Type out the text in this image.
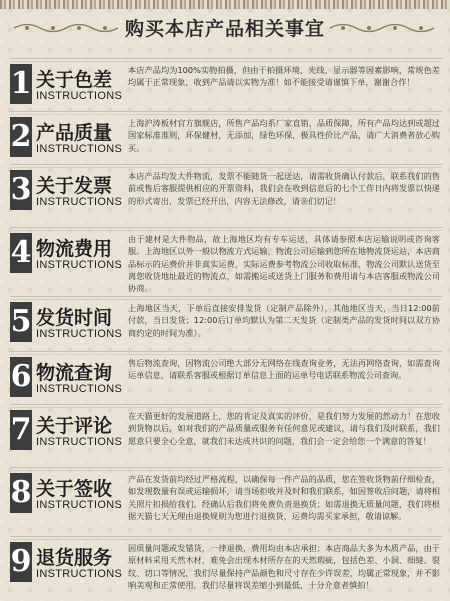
购买本店产品相关事宜
1 关于色差
INSTRUCTIONS
本店产品均为100%实物拍摄，但由于拍摄环境、光线、显示器等因素影响，常规色差均属于正常现象，收到产品请以实物为准！如不能接受请谨慎下单，谢谢合作！
2 产品质量
INSTRUCTIONS
上海沪涛板材官方旗舰店，所售产品均系厂家直销、品质保障，所有产品均达到或超过国家标准准则，环保健材，无添加，绿色环保，极具性价比产品，请广大消费者放心购买。
3 关于发票
INSTRUCTIONS
本店产品均发大件物流，发票不能随货一起送达，请需收货确认付款后，联系我们的售前或售后客服提供相应的开票资料，我们会在收到信息后的七个工作日内将发票以快递的形式寄出，发票已经开出，内容无法修改，请亲们切记！
4 物流费用
INSTRUCTIONS
由于建材是大件物品，故上海地区均有专车运送，具体请参照本店运输说明或咨询客服。上海地区以外一般以物流方式运输，物流公司运输到您所在地物流货运站，本店商品标示的运费价并非真实运费，实际运费参考物流公司收取标准，物流公司默认送货至离您收货地址最近的物流点，如需搬运或送货上门服务和费用请与本店客服或物流公司协商。
5 发货时间
INSTRUCTIONS
上海地区当天，下单后直接安排发货（定制产品除外），其他地区当天，当日12:00前付款，当日发货；12:00后订单均默认为第二天发货（定制类产品的发货时间以双方协商约定的时间为准）。
6 物流查询
INSTRUCTIONS
售后物流查询，因物流公司绝大部分无网络在线查询业务，无法再网络查询，如需查询运单信息，请联系客服或根据订单信息上面的运单号电话联系物流公司查询。
7 关于评论
INSTRUCTIONS
在天猫更好的发展道路上，您的肯定及真实的评价，是我们努力发展的然动力！在您收到货物以后，如对我们的产品质量或服务有任何意见或建议，请与我们及时联系，我们愿意只要全心全意，就我们未达成共识的问题，我们会一定会给您一个满意的答复！
8 关于签收
INSTRUCTIONS
产品在发货前均经过严格流程，以确保每一件产品的品质，您在签收货物前仔细检查，如发现数量有误或运输损坏，请当场拒收并及时和我们联系，如因签收后问题，请将相关照片扣损给我们，经确认后我们将免费负责退换货；如需退换无质量问题，我们将根据天猫七天无理由退换规则为您进行退换货，运费均需买家承担，敬请谅解。
9 退货服务
INSTRUCTIONS
因质量问题或发错货，一律退换，费用均由本店承担；本店商品大多为木质产品，由于原材料采用天然木材，难免会出现木材所存在的天然瑕疵，包括色差、小洞、细缝、裂纹、切口等情况，我们尽量保持产品颜色和尺寸存在少许误差，均属正常现象，并不影响美观和正常使用，我们尽量将误差缩小到最低，十分介意者慎拍！
